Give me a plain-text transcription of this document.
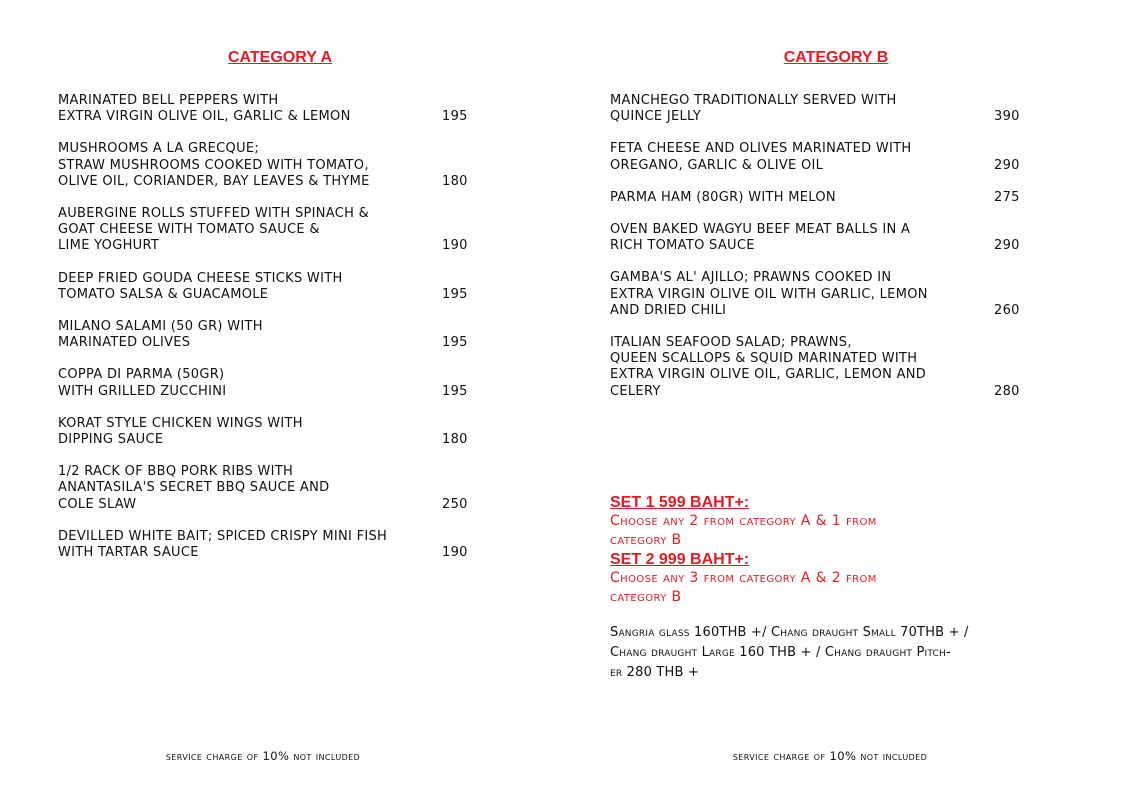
CATEGORY A
MARINATED BELL PEPPERS WITH
EXTRA VIRGIN OLIVE OIL, GARLIC & LEMON	195
MUSHROOMS A LA GRECQUE;
STRAW MUSHROOMS COOKED WITH TOMATO,
OLIVE OIL, CORIANDER, BAY LEAVES & THYME	180
AUBERGINE ROLLS STUFFED WITH SPINACH &
GOAT CHEESE WITH TOMATO SAUCE &
LIME YOGHURT	190
DEEP FRIED GOUDA CHEESE STICKS WITH
TOMATO SALSA & GUACAMOLE	195
MILANO SALAMI (50 GR) WITH
MARINATED OLIVES	195
COPPA DI PARMA (50GR)
WITH GRILLED ZUCCHINI	195
KORAT STYLE CHICKEN WINGS WITH
DIPPING SAUCE	180
1/2 RACK OF BBQ PORK RIBS WITH
ANANTASILA'S SECRET BBQ SAUCE AND
COLE SLAW	250
DEVILLED WHITE BAIT; SPICED CRISPY MINI FISH
WITH TARTAR SAUCE	190
service charge of 10% not included
CATEGORY B
MANCHEGO TRADITIONALLY SERVED WITH
QUINCE JELLY	390
FETA CHEESE AND OLIVES MARINATED WITH
OREGANO, GARLIC & OLIVE OIL	290
PARMA HAM (80GR) WITH MELON	275
OVEN BAKED WAGYU BEEF MEAT BALLS IN A
RICH TOMATO SAUCE	290
GAMBA'S AL' AJILLO; PRAWNS COOKED IN
EXTRA VIRGIN OLIVE OIL WITH GARLIC, LEMON
AND DRIED CHILI	260
ITALIAN SEAFOOD SALAD; PRAWNS,
QUEEN SCALLOPS & SQUID MARINATED WITH
EXTRA VIRGIN OLIVE OIL, GARLIC, LEMON AND
CELERY	280
SET 1 599 BAHT+:
Choose any 2 from category A & 1 from
category B
SET 2 999 BAHT+:
Choose any 3 from category A & 2 from
category B
Sangria glass 160THB +/ Chang draught Small 70THB + /
Chang draught Large 160 THB + / Chang draught Pitch-
er 280 THB +
service charge of 10% not included
